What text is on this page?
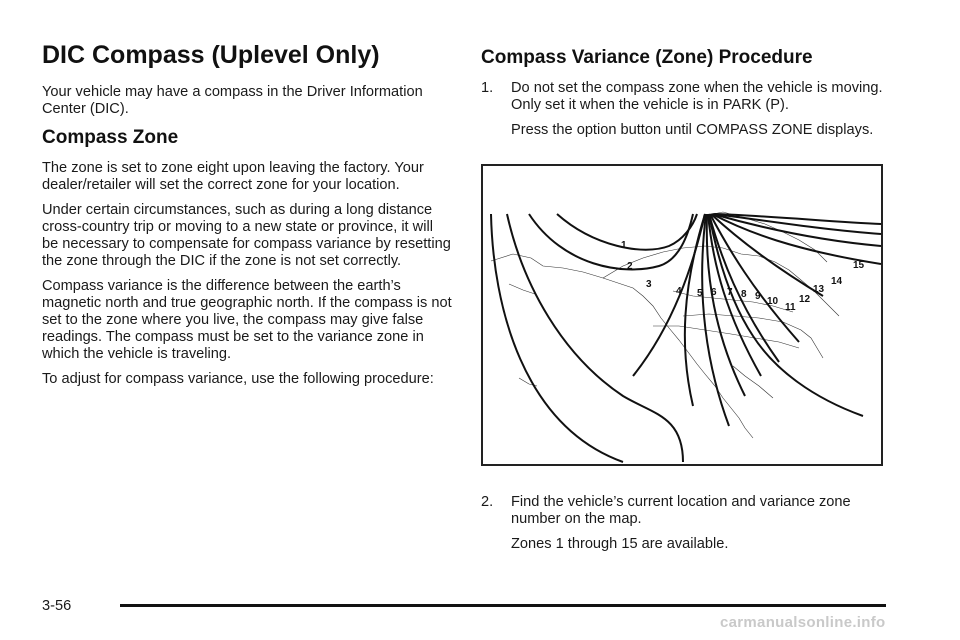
DIC Compass (Uplevel Only)

Your vehicle may have a compass in the Driver Information Center (DIC).

Compass Zone

The zone is set to zone eight upon leaving the factory. Your dealer/retailer will set the correct zone for your location.

Under certain circumstances, such as during a long distance cross-country trip or moving to a new state or province, it will be necessary to compensate for compass variance by resetting the zone through the DIC if the zone is not set correctly.

Compass variance is the difference between the earth’s magnetic north and true geographic north. If the compass is not set to the zone where you live, the compass may give false readings. The compass must be set to the variance zone in which the vehicle is traveling.

To adjust for compass variance, use the following procedure:

Compass Variance (Zone) Procedure
1. Do not set the compass zone when the vehicle is moving. Only set it when the vehicle is in PARK (P).
Press the option button until COMPASS ZONE displays.
1
2
3
4 5 6 7 8 9 10
11
12
13
14
15
2. Find the vehicle’s current location and variance zone number on the map.
Zones 1 through 15 are available.
3-56
carmanualsonline.info
